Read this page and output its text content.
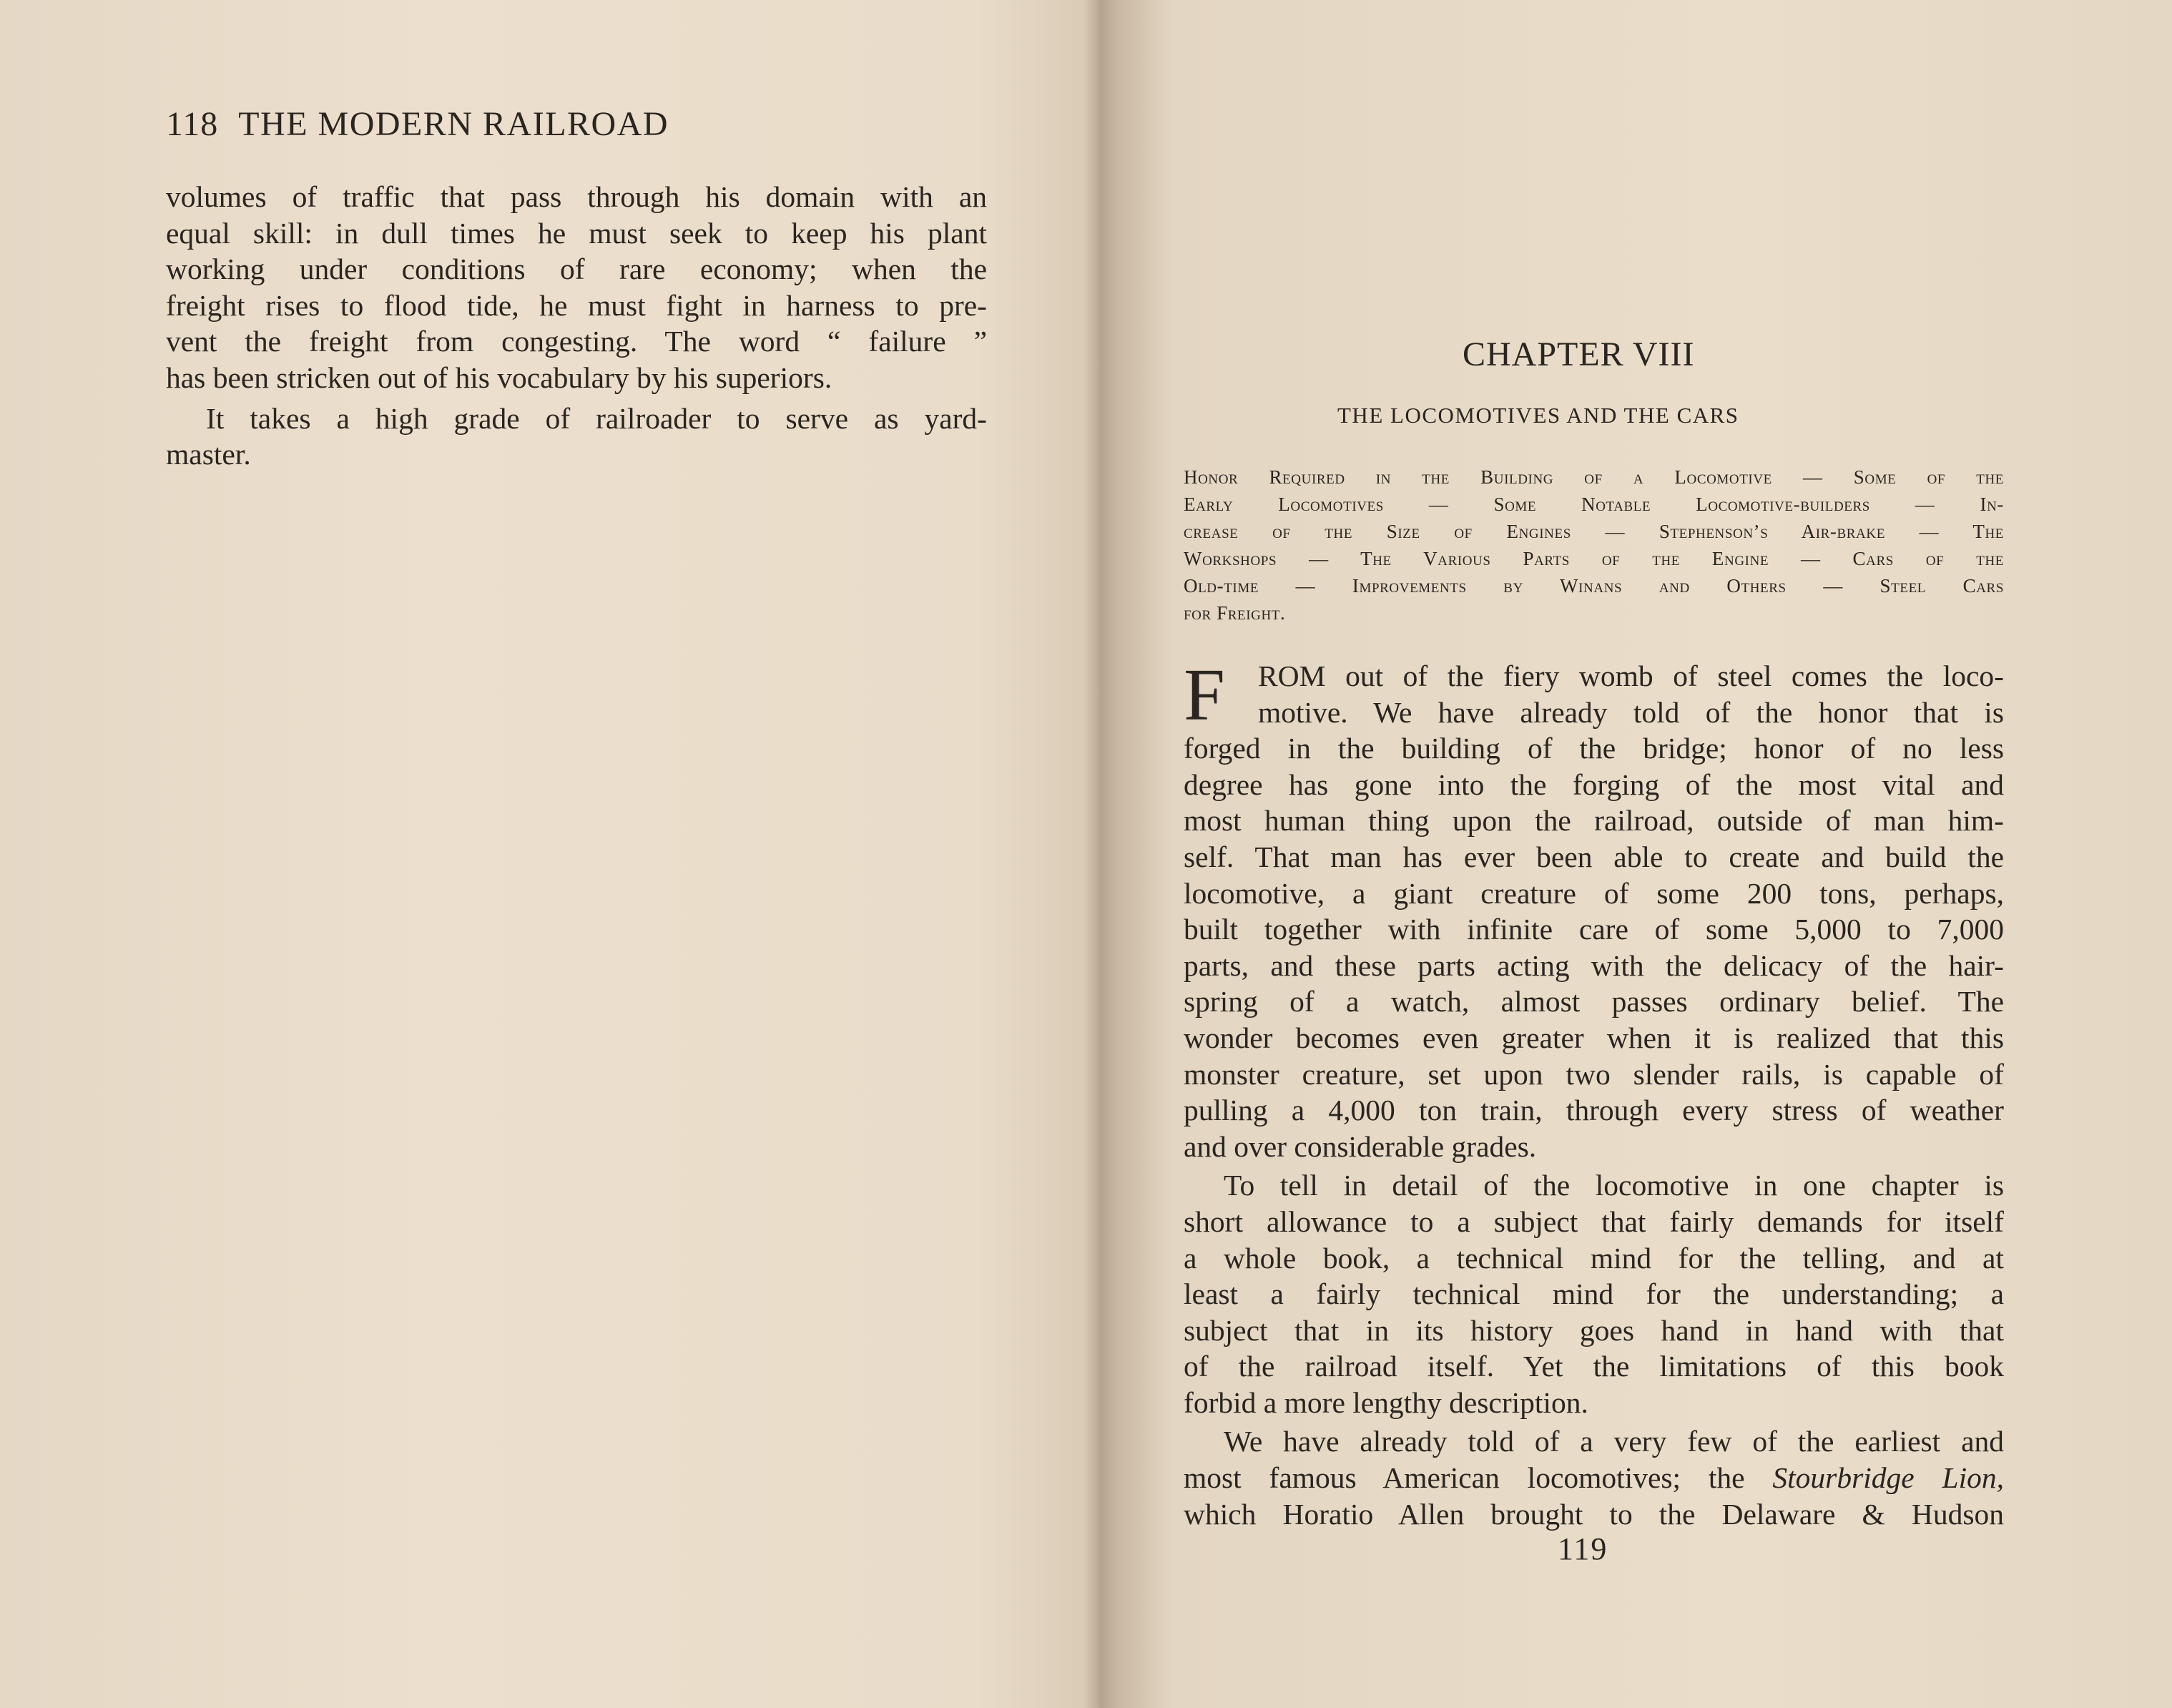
118 THE MODERN RAILROAD
volumes of traffic that pass through his domain with an
equal skill: in dull times he must seek to keep his plant
working under conditions of rare economy; when the
freight rises to flood tide, he must fight in harness to pre-
vent the freight from congesting. The word “ failure ”
has been stricken out of his vocabulary by his superiors.
It takes a high grade of railroader to serve as yard-
master.
CHAPTER VIII
THE LOCOMOTIVES AND THE CARS
Honor Required in the Building of a Locomotive — Some of the
Early Locomotives — Some Notable Locomotive-builders — In-
crease of the Size of Engines — Stephenson’s Air-brake — The
Workshops — The Various Parts of the Engine — Cars of the
Old-time — Improvements by Winans and Others — Steel Cars
for Freight.
F	ROM out of the fiery womb of steel comes the loco-
motive. We have already told of the honor that is
forged in the building of the bridge; honor of no less
degree has gone into the forging of the most vital and
most human thing upon the railroad, outside of man him-
self. That man has ever been able to create and build the
locomotive, a giant creature of some 200 tons, perhaps,
built together with infinite care of some 5,000 to 7,000
parts, and these parts acting with the delicacy of the hair-
spring of a watch, almost passes ordinary belief. The
wonder becomes even greater when it is realized that this
monster creature, set upon two slender rails, is capable of
pulling a 4,000 ton train, through every stress of weather
and over considerable grades.
To tell in detail of the locomotive in one chapter is
short allowance to a subject that fairly demands for itself
a whole book, a technical mind for the telling, and at
least a fairly technical mind for the understanding; a
subject that in its history goes hand in hand with that
of the railroad itself. Yet the limitations of this book
forbid a more lengthy description.
We have already told of a very few of the earliest and
most famous American locomotives; the Stourbridge Lion,
which Horatio Allen brought to the Delaware & Hudson
119
